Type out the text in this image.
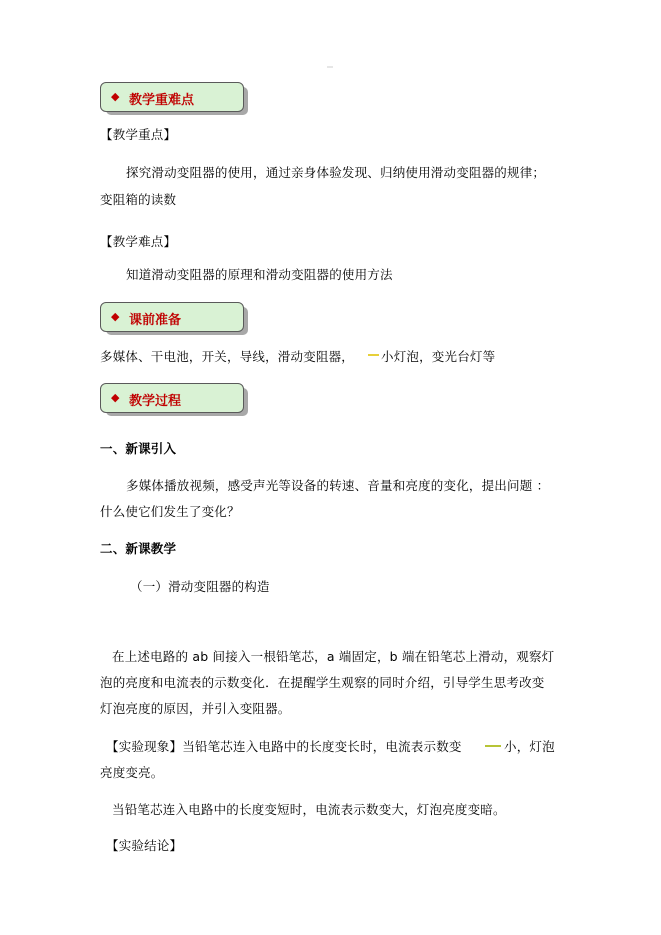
◆ 教学重难点
【教学重点】
探究滑动变阻器的使用，通过亲身体验发现、归纳使用滑动变阻器的规律；
变阻箱的读数
【教学难点】
知道滑动变阻器的原理和滑动变阻器的使用方法
◆ 课前准备
多媒体、干电池，开关，导线，滑动变阻器， 小灯泡，变光台灯等
◆ 教学过程
一、新课引入
多媒体播放视频，感受声光等设备的转速、音量和亮度的变化，提出问题 ：
什么使它们发生了变化？
二、新课教学
（一）滑动变阻器的构造
在上述电路的 ab 间接入一根铅笔芯，a 端固定，b 端在铅笔芯上滑动，观察灯
泡的亮度和电流表的示数变化．在提醒学生观察的同时介绍，引导学生思考改变
灯泡亮度的原因，并引入变阻器。
【实验现象】当铅笔芯连入电路中的长度变长时，电流表示数变	小，灯泡
亮度变亮。
当铅笔芯连入电路中的长度变短时，电流表示数变大，灯泡亮度变暗。
【实验结论】
